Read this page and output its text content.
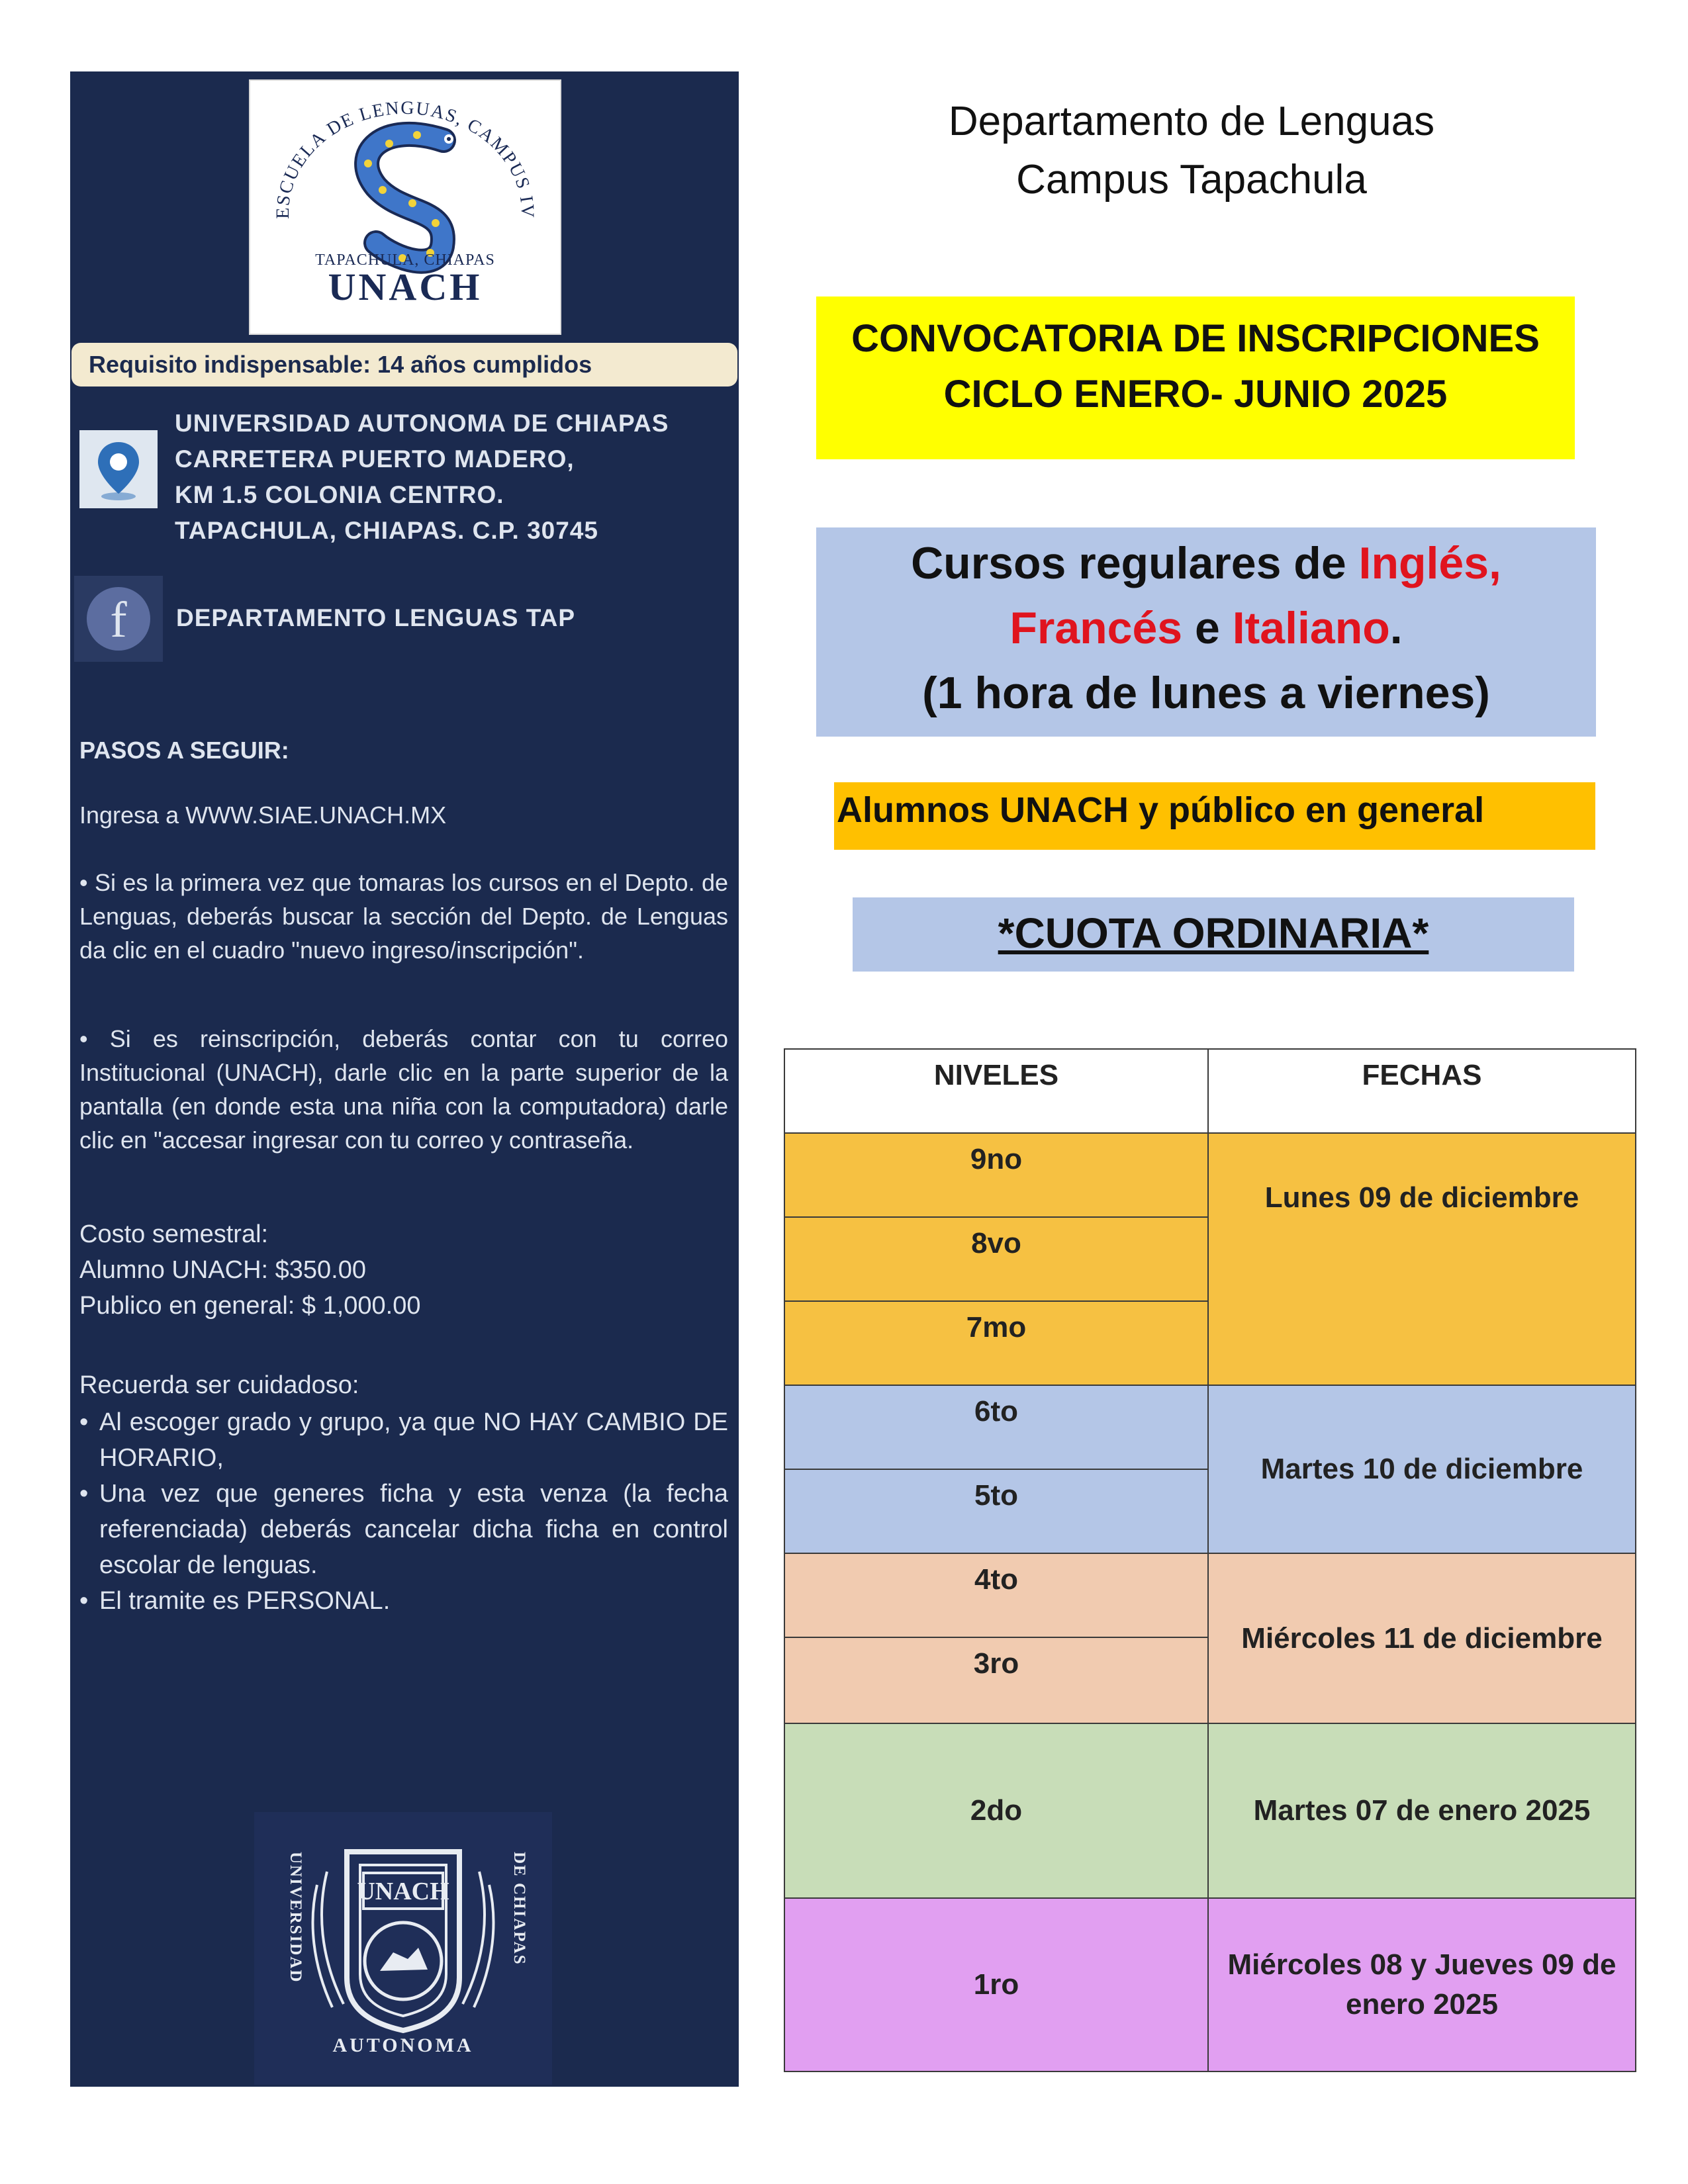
ESCUELA DE LENGUAS, CAMPUS IV
TAPACHULA, CHIAPAS
UNACH
Requisito indispensable: 14 años cumplidos
UNIVERSIDAD AUTONOMA DE CHIAPAS
CARRETERA PUERTO MADERO,
KM 1.5 COLONIA CENTRO.
TAPACHULA, CHIAPAS. C.P. 30745
f DEPARTAMENTO LENGUAS TAP
PASOS A SEGUIR:
Ingresa a WWW.SIAE.UNACH.MX
• Si es la primera vez que tomaras los cursos en el Depto. de Lenguas, deberás buscar la sección del Depto. de Lenguas da clic en el cuadro "nuevo ingreso/inscripción".
• Si es reinscripción, deberás contar con tu correo Institucional (UNACH), darle clic en la parte superior de la pantalla (en donde esta una niña con la computadora) darle clic en "accesar ingresar con tu correo y contraseña.
Costo semestral:
Alumno UNACH: $350.00
Publico en general: $ 1,000.00
Recuerda ser cuidadoso:
• Al escoger grado y grupo, ya que NO HAY CAMBIO DE HORARIO,
• Una vez que generes ficha y esta venza (la fecha referenciada) deberás cancelar dicha ficha en control escolar de lenguas.
• El tramite es PERSONAL.
UNIVERSIDAD	DE CHIAPAS
UNACH
AUTONOMA
Departamento de Lenguas
Campus Tapachula
CONVOCATORIA DE INSCRIPCIONES
CICLO ENERO- JUNIO 2025
Cursos regulares de Inglés,
Francés e Italiano.
(1 hora de lunes a viernes)
Alumnos UNACH y público en general
*CUOTA ORDINARIA*
NIVELES	FECHAS
9no	Lunes 09 de diciembre
8vo	
7mo	
6to	Martes 10 de diciembre
5to	
4to	Miércoles 11 de diciembre
3ro	
2do	Martes 07 de enero 2025
1ro	Miércoles 08 y Jueves 09 de enero 2025
